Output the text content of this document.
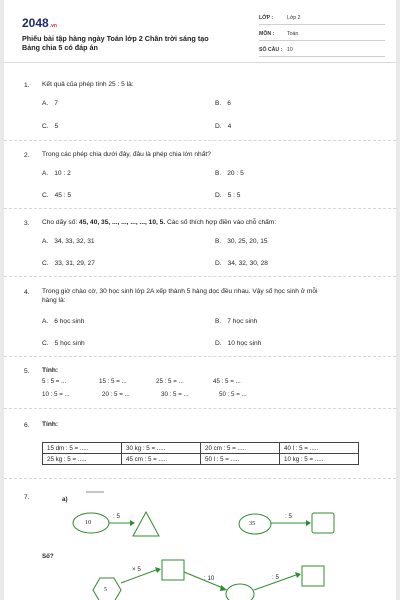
2048.vn
Phiếu bài tập hàng ngày Toán lớp 2 Chân trời sáng tạo
Bảng chia 5 có đáp án
LỚP :	Lớp 2
MÔN : Toán
SỐ CÂU : 10
1. Kết quả của phép tính 25 : 5 là:
A. 7	B. 6
C. 5	D. 4
2. Trong các phép chia dưới đây, đâu là phép chia lớn nhất?
A. 10 : 2	B. 20 : 5
C. 45 : 5	D. 5 : 5
3. Cho dãy số: 45, 40, 35, ..., ..., ..., ..., 10, 5. Các số thích hợp điền vào chỗ chấm:
A. 34, 33, 32, 31	B. 30, 25, 20, 15
C. 33, 31, 29, 27	D. 34, 32, 30, 28
4. Trong giờ chào cờ, 30 học sinh lớp 2A xếp thành 5 hàng dọc đều nhau. Vậy số học sinh ở mỗi
hàng là:
A. 6 học sinh	B. 7 học sinh
C. 5 học sinh	D. 10 học sinh
5. Tính:
5 : 5 = ...	15 : 5 = ...	25 : 5 = ...	45 : 5 = ...
10 : 5 = ...	20 : 5 = ...	30 : 5 = ...	50 : 5 = ...
6. Tính:
15 dm : 5 = .....	30 kg : 5 = .....	20 cm : 5 = .....	40 l : 5 = .....
25 kg : 5 = .....	45 cm : 5 = .....	50 l : 5 = .....	10 kg : 5 = .....
7.	a)
Số?
10
: 5
35
: 5
5
× 5
: 10	: 5
